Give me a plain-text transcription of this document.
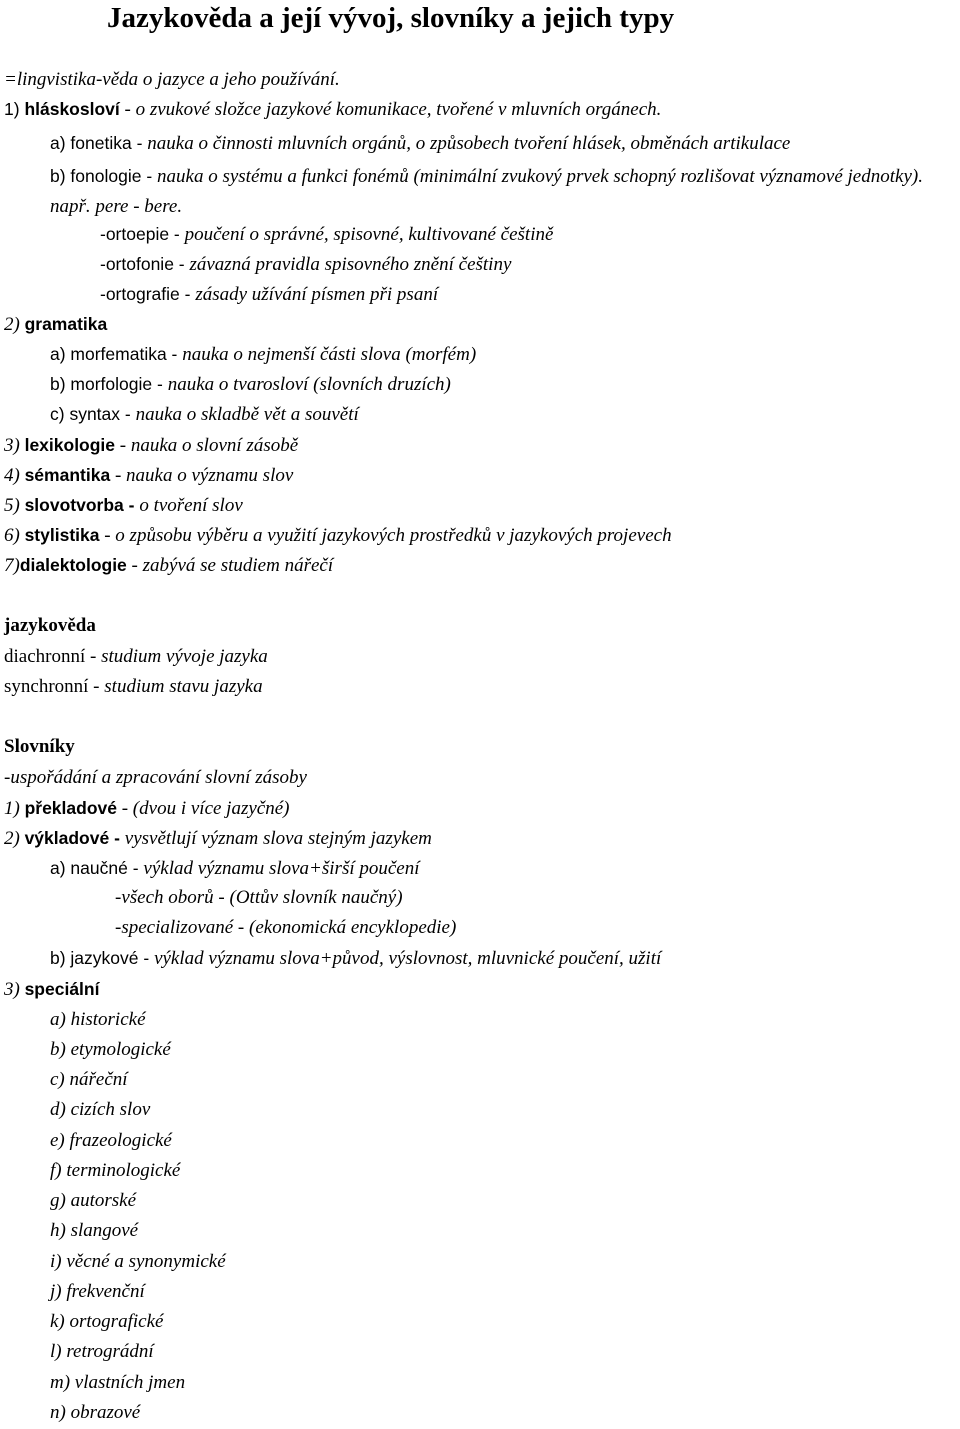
Jazykověda a její vývoj, slovníky a jejich typy
=lingvistika-věda o jazyce a jeho používání.
1) hláskosloví - o zvukové složce jazykové komunikace, tvořené v mluvních orgánech.
a) fonetika - nauka o činnosti mluvních orgánů, o způsobech tvoření hlásek, obměnách artikulace
b) fonologie - nauka o systému a funkci fonémů (minimální zvukový prvek schopný rozlišovat významové jednotky). např. pere - bere.
-ortoepie - poučení o správné, spisovné, kultivované češtině
-ortofonie - závazná pravidla spisovného znění češtiny
-ortografie - zásady užívání písmen při psaní
2) gramatika
a) morfematika - nauka o nejmenší části slova (morfém)
b) morfologie - nauka o tvarosloví (slovních druzích)
c) syntax - nauka o skladbě vět a souvětí
3) lexikologie - nauka o slovní zásobě
4) sémantika - nauka o významu slov
5) slovotvorba - o tvoření slov
6) stylistika - o způsobu výběru a využití jazykových prostředků v jazykových projevech
7)dialektologie - zabývá se studiem nářečí
jazykověda
diachronní - studium vývoje jazyka
synchronní - studium stavu jazyka
Slovníky
-uspořádání a zpracování slovní zásoby
1) překladové - (dvou i více jazyčné)
2) výkladové - vysvětlují význam slova stejným jazykem
a) naučné - výklad významu slova+širší poučení
-všech oborů - (Ottův slovník naučný)
-specializované - (ekonomická encyklopedie)
b) jazykové - výklad významu slova+původ, výslovnost, mluvnické poučení, užití
3) speciální
a) historické
b) etymologické
c) nářeční
d) cizích slov
e) frazeologické
f) terminologické
g) autorské
h) slangové
i) věcné a synonymické
j) frekvenční
k) ortografické
l) retrográdní
m) vlastních jmen
n) obrazové
